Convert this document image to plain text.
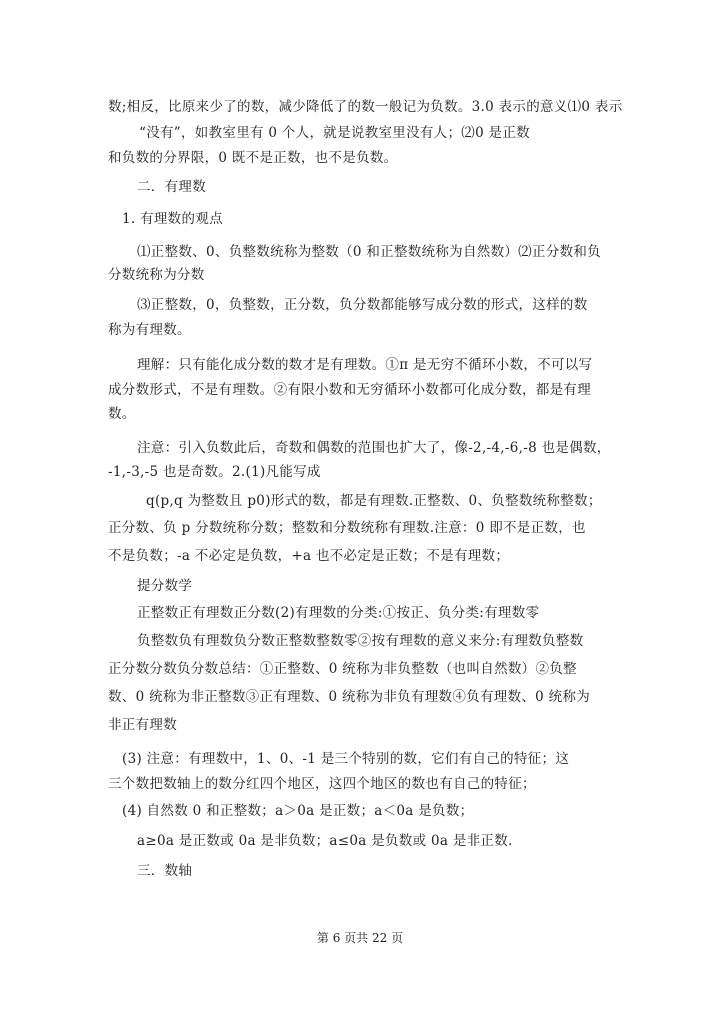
数;相反，比原来少了的数，减少降低了的数一般记为负数。3.0 表示的意义⑴0 表示
“没有”，如教室里有 0 个人，就是说教室里没有人；⑵0 是正数
和负数的分界限，0 既不是正数，也不是负数。
二．有理数
1. 有理数的观点
⑴正整数、0、负整数统称为整数（0 和正整数统称为自然数）⑵正分数和负
分数统称为分数
⑶正整数，0，负整数，正分数，负分数都能够写成分数的形式，这样的数
称为有理数。
理解：只有能化成分数的数才是有理数。①π 是无穷不循环小数，不可以写
成分数形式，不是有理数。②有限小数和无穷循环小数都可化成分数，都是有理
数。
注意：引入负数此后，奇数和偶数的范围也扩大了，像-2,-4,-6,-8 也是偶数，
-1,-3,-5 也是奇数。2.(1)凡能写成
q(p,q 为整数且 p0)形式的数，都是有理数.正整数、0、负整数统称整数；
正分数、负 p 分数统称分数；整数和分数统称有理数.注意：0 即不是正数，也
不是负数；-a 不必定是负数，+a 也不必定是正数；不是有理数；
提分数学
正整数正有理数正分数(2)有理数的分类:①按正、负分类:有理数零
负整数负有理数负分数正整数整数零②按有理数的意义来分:有理数负整数
正分数分数负分数总结：①正整数、0 统称为非负整数（也叫自然数）②负整
数、0 统称为非正整数③正有理数、0 统称为非负有理数④负有理数、0 统称为
非正有理数
(3) 注意：有理数中，1、0、-1 是三个特别的数，它们有自己的特征；这
三个数把数轴上的数分红四个地区，这四个地区的数也有自己的特征；
(4) 自然数 0 和正整数；a＞0a 是正数；a＜0a 是负数；
a≥0a 是正数或 0a 是非负数；a≤0a 是负数或 0a 是非正数.
三．数轴
第 6 页共 22 页
